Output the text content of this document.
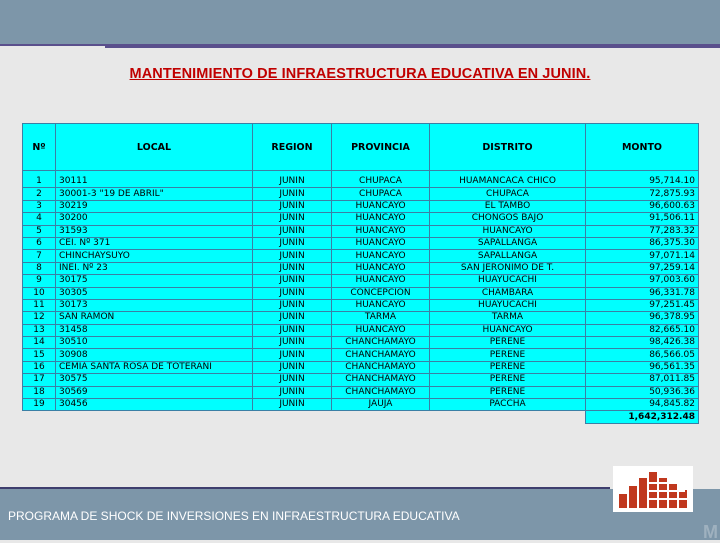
MANTENIMIENTO DE INFRAESTRUCTURA EDUCATIVA EN JUNIN.
Nº	LOCAL	REGION	PROVINCIA	DISTRITO	MONTO

1	30111	JUNIN	CHUPACA	HUAMANCACA CHICO	95,714.10
2	30001-3 "19 DE ABRIL"	JUNIN	CHUPACA	CHUPACA	72,875.93
3	30219	JUNIN	HUANCAYO	EL TAMBO	96,600.63
4	30200	JUNIN	HUANCAYO	CHONGOS BAJO	91,506.11
5	31593	JUNIN	HUANCAYO	HUANCAYO	77,283.32
6	CEI. Nº 371	JUNIN	HUANCAYO	SAPALLANGA	86,375.30
7	CHINCHAYSUYO	JUNIN	HUANCAYO	SAPALLANGA	97,071.14
8	INEI. Nº 23	JUNIN	HUANCAYO	SAN JERONIMO DE T.	97,259.14
9	30175	JUNIN	HUANCAYO	HUAYUCACHI	97,003.60
10	30305	JUNIN	CONCEPCION	CHAMBARA	96,331.78
11	30173	JUNIN	HUANCAYO	HUAYUCACHI	97,251.45
12	SAN RAMON	JUNIN	TARMA	TARMA	96,378.95
13	31458	JUNIN	HUANCAYO	HUANCAYO	82,665.10
14	30510	JUNIN	CHANCHAMAYO	PERENE	98,426.38
15	30908	JUNIN	CHANCHAMAYO	PERENE	86,566.05
16	CEMIA SANTA ROSA DE TOTERANI	JUNIN	CHANCHAMAYO	PERENE	96,561.35
17	30575	JUNIN	CHANCHAMAYO	PERENE	87,011.85
18	30569	JUNIN	CHANCHAMAYO	PERENE	50,936.36
19	30456	JUNIN	JAUJA	PACCHA	94,845.82
					1,642,312.48
PROGRAMA DE SHOCK DE INVERSIONES EN INFRAESTRUCTURA EDUCATIVA
M
